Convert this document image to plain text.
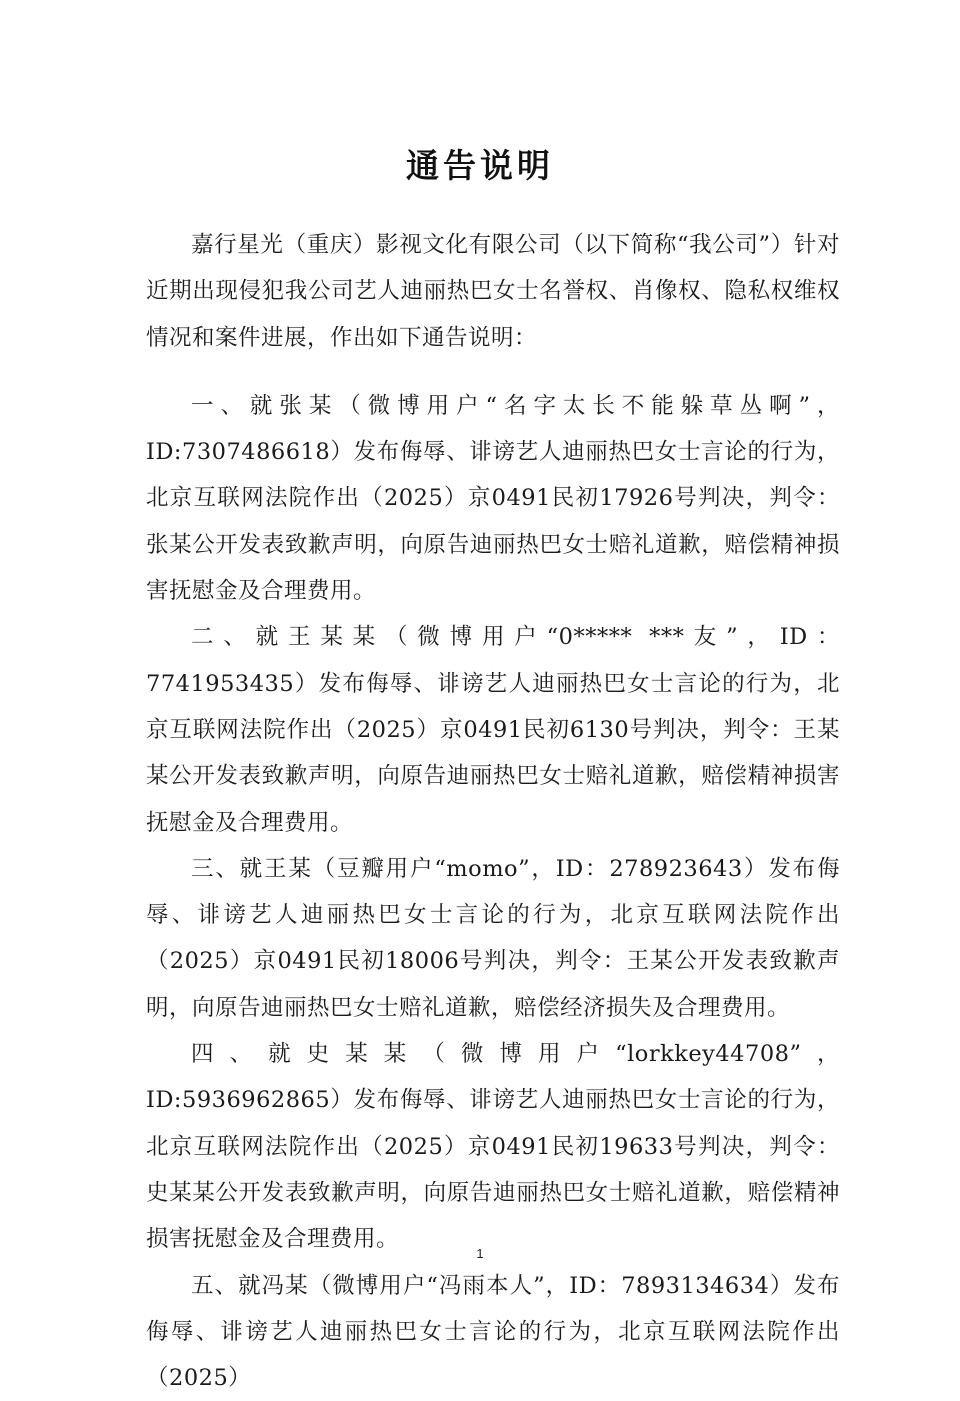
通告说明

嘉行星光（重庆）影视文化有限公司（以下简称“我公司”）针对近期出现侵犯我公司艺人迪丽热巴女士名誉权、肖像权、隐私权维权情况和案件进展，作出如下通告说明：

一、就张某（微博用户“名字太长不能躲草丛啊”，ID:7307486618）发布侮辱、诽谤艺人迪丽热巴女士言论的行为，北京互联网法院作出（2025）京0491民初17926号判决，判令：张某公开发表致歉声明，向原告迪丽热巴女士赔礼道歉，赔偿精神损害抚慰金及合理费用。

二、就王某某（微博用户“0***** ***友”，ID：7741953435）发布侮辱、诽谤艺人迪丽热巴女士言论的行为，北京互联网法院作出（2025）京0491民初6130号判决，判令：王某某公开发表致歉声明，向原告迪丽热巴女士赔礼道歉，赔偿精神损害抚慰金及合理费用。

三、就王某（豆瓣用户“momo”，ID：278923643）发布侮辱、诽谤艺人迪丽热巴女士言论的行为，北京互联网法院作出（2025）京0491民初18006号判决，判令：王某公开发表致歉声明，向原告迪丽热巴女士赔礼道歉，赔偿经济损失及合理费用。

四、就史某某（微博用户“lorkkey44708”，ID:5936962865）发布侮辱、诽谤艺人迪丽热巴女士言论的行为，北京互联网法院作出（2025）京0491民初19633号判决，判令：史某某公开发表致歉声明，向原告迪丽热巴女士赔礼道歉，赔偿精神损害抚慰金及合理费用。

五、就冯某（微博用户“冯雨本人”，ID：7893134634）发布侮辱、诽谤艺人迪丽热巴女士言论的行为，北京互联网法院作出（2025）

1
